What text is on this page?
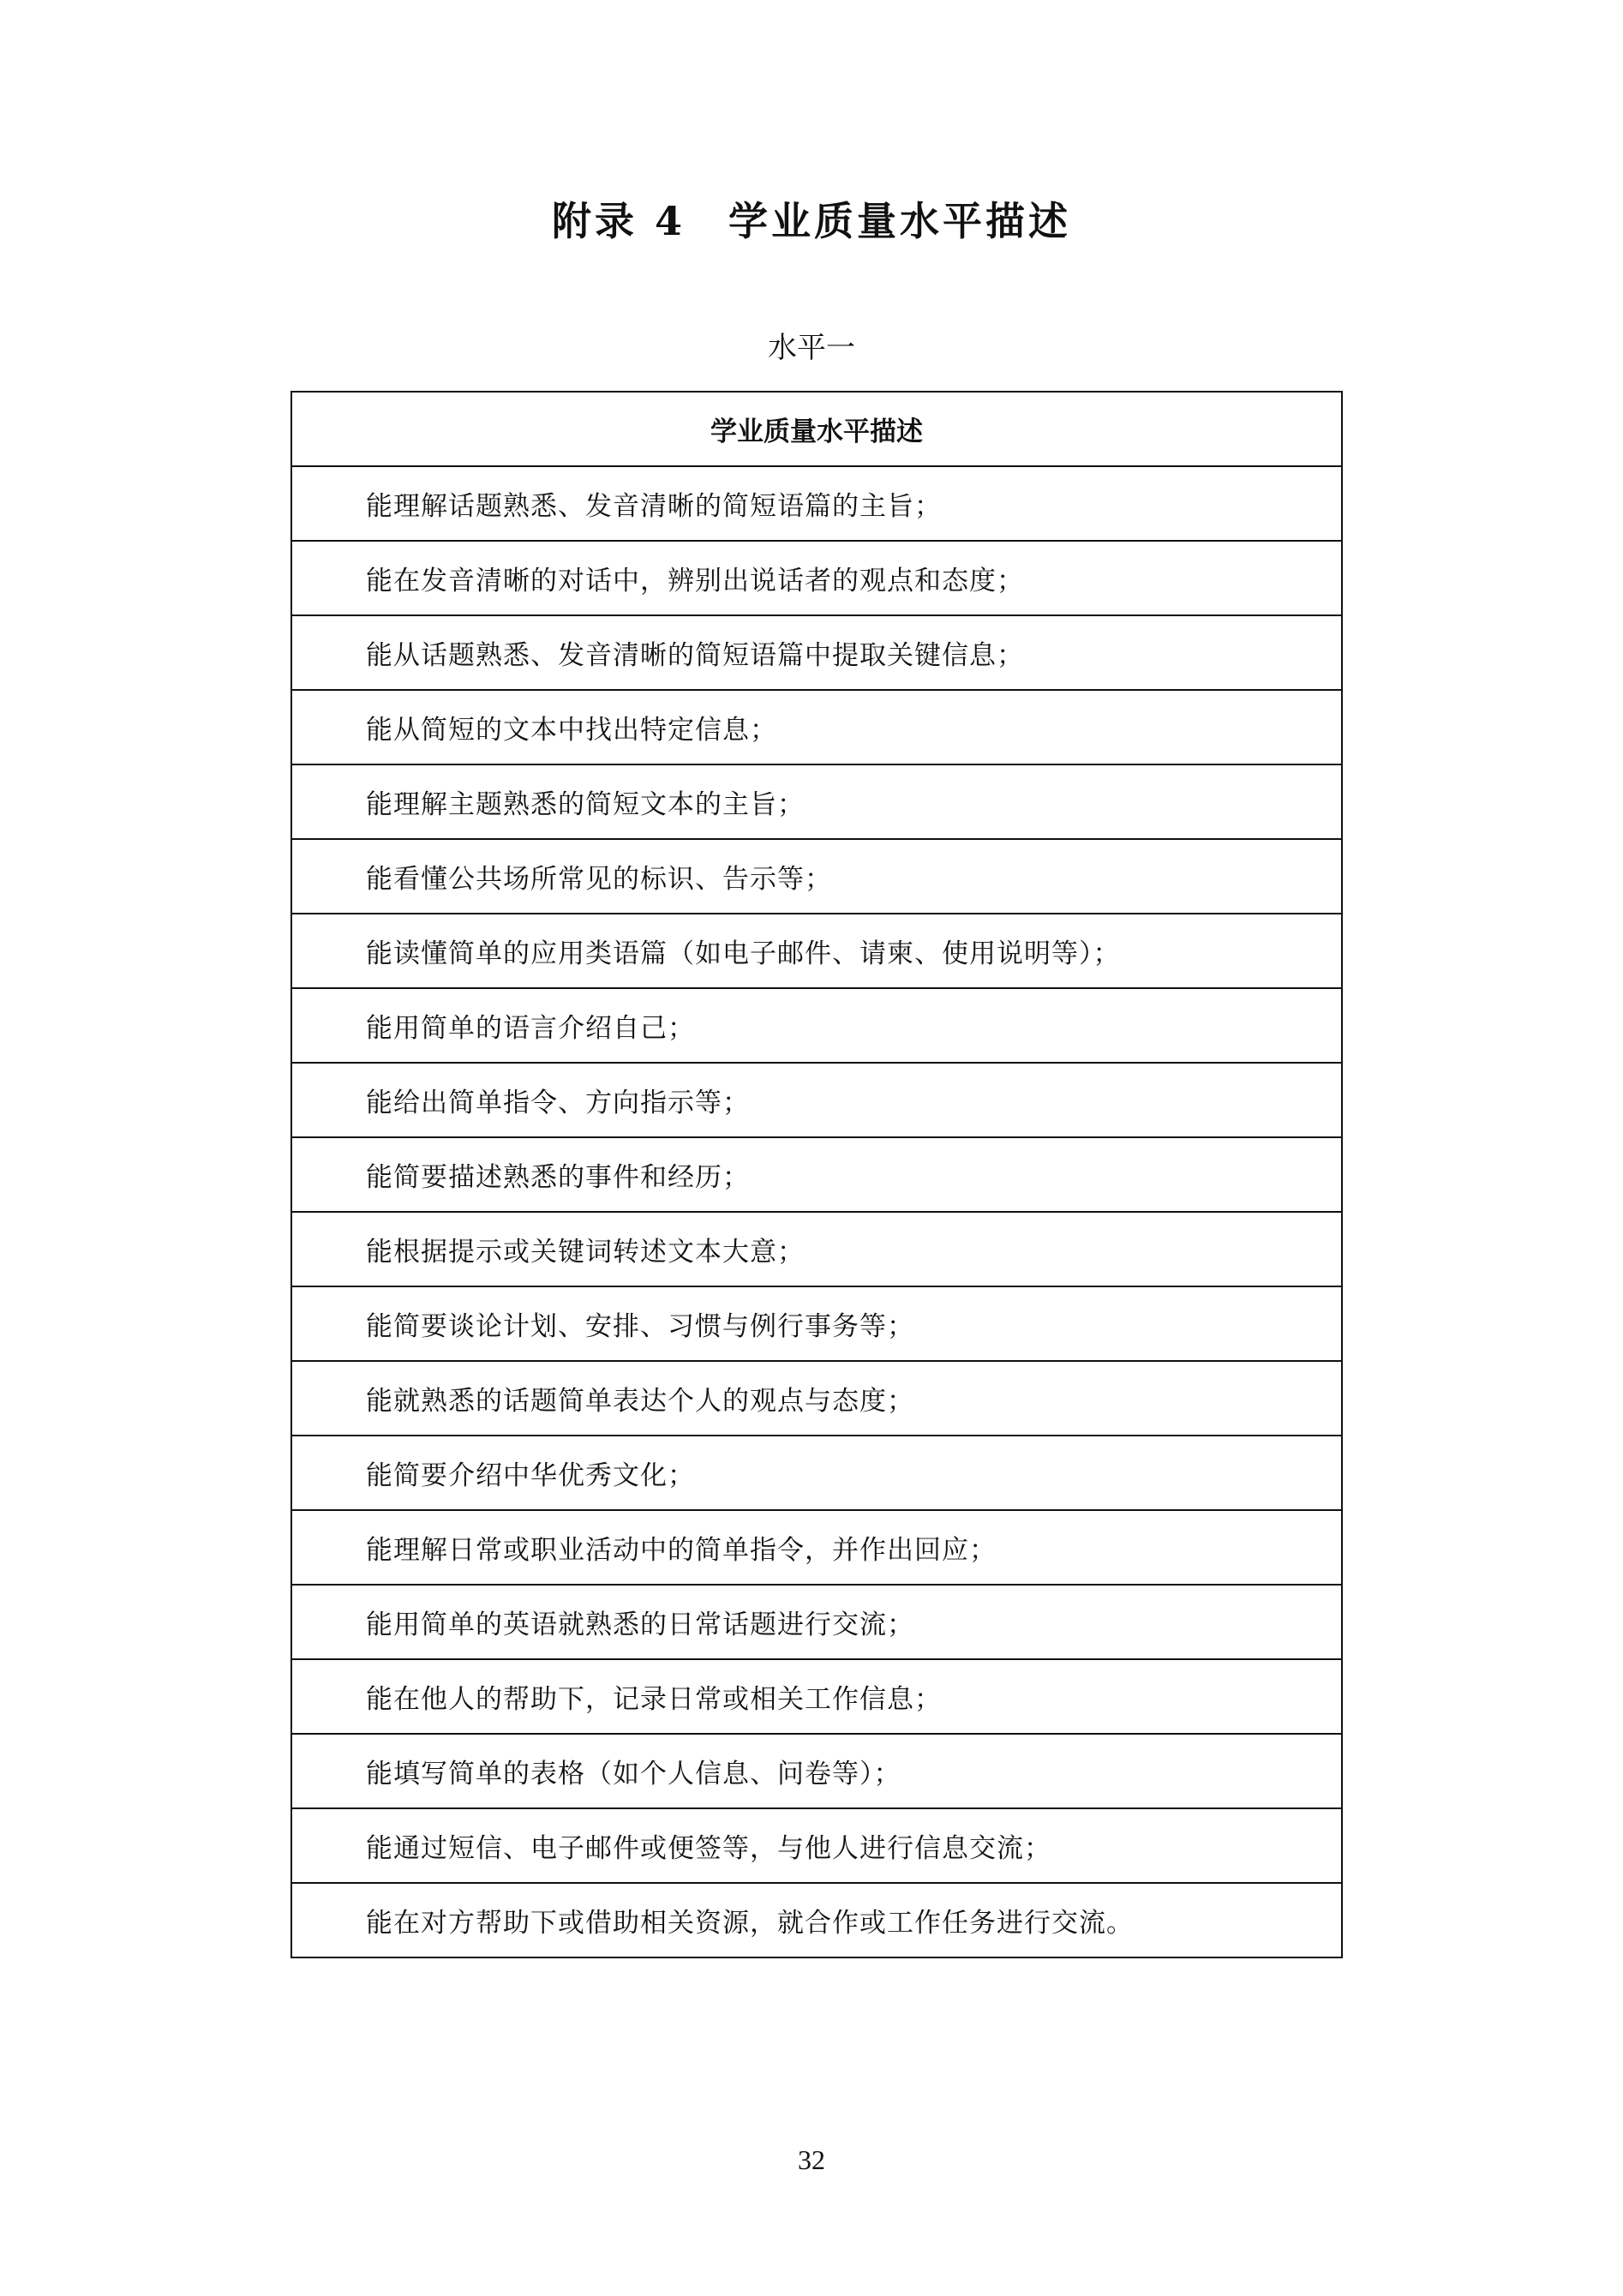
附录 4　学业质量水平描述
水平一
学业质量水平描述
能理解话题熟悉、发音清晰的简短语篇的主旨；
能在发音清晰的对话中，辨别出说话者的观点和态度；
能从话题熟悉、发音清晰的简短语篇中提取关键信息；
能从简短的文本中找出特定信息；
能理解主题熟悉的简短文本的主旨；
能看懂公共场所常见的标识、告示等；
能读懂简单的应用类语篇（如电子邮件、请柬、使用说明等）；
能用简单的语言介绍自己；
能给出简单指令、方向指示等；
能简要描述熟悉的事件和经历；
能根据提示或关键词转述文本大意；
能简要谈论计划、安排、习惯与例行事务等；
能就熟悉的话题简单表达个人的观点与态度；
能简要介绍中华优秀文化；
能理解日常或职业活动中的简单指令，并作出回应；
能用简单的英语就熟悉的日常话题进行交流；
能在他人的帮助下，记录日常或相关工作信息；
能填写简单的表格（如个人信息、问卷等）；
能通过短信、电子邮件或便签等，与他人进行信息交流；
能在对方帮助下或借助相关资源，就合作或工作任务进行交流。
32
